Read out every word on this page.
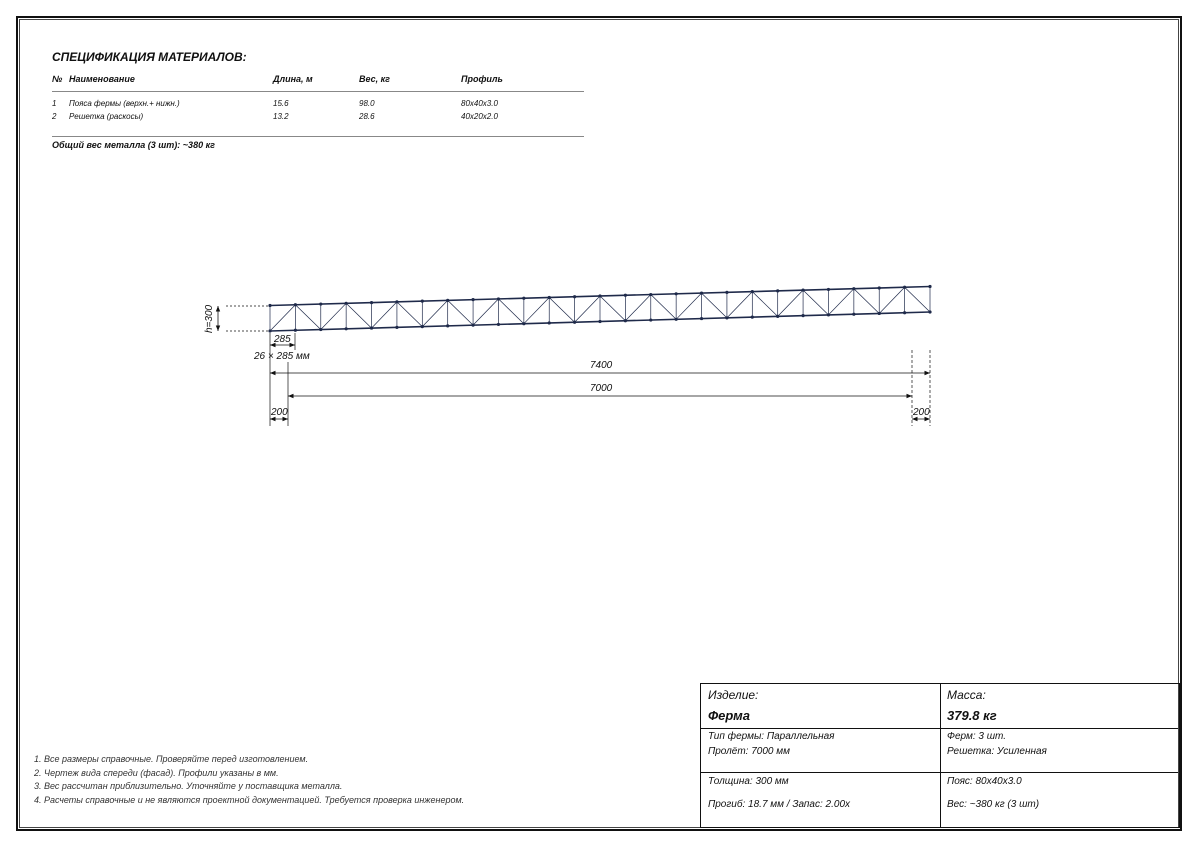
СПЕЦИФИКАЦИЯ МАТЕРИАЛОВ:
№ Наименование	Длина, м	Вес, кг	Профиль
1 Пояса фермы (верхн.+ нижн.)	15.6	98.0	80x40x3.0
2 Решетка (раскосы)	13.2	28.6	40x20x2.0
Общий вес металла (3 шт): ~380 кг
h=300
285
26 × 285 мм
7400
7000
200	200
1. Все размеры справочные. Проверяйте перед изготовлением.
2. Чертеж вида спереди (фасад). Профили указаны в мм.
3. Вес рассчитан приблизительно. Уточняйте у поставщика металла.
4. Расчеты справочные и не являются проектной документацией. Требуется проверка инженером.
Изделие:
Ферма
Масса:
379.8 кг
Тип фермы: Параллельная
Пролёт: 7000 мм
Ферм: 3 шт.
Решетка: Усиленная
Толщина: 300 мм
Прогиб: 18.7 мм / Запас: 2.00x
Пояс: 80x40x3.0
Вес: ~380 кг (3 шт)
